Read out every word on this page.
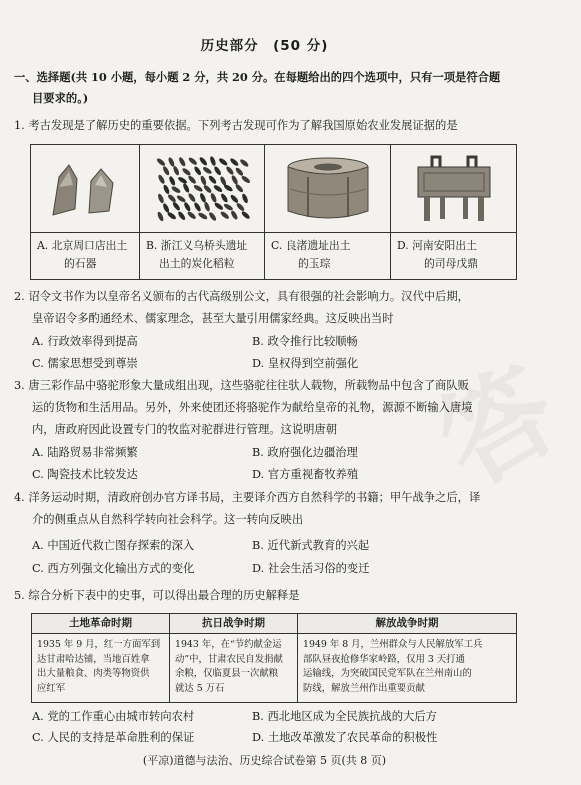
答
历史部分　(50 分)
一、选择题(共 10 小题，每小题 2 分，共 20 分。在每题给出的四个选项中，只有一项是符合题
目要求的。)
1. 考古发现是了解历史的重要依据。下列考古发现可作为了解我国原始农业发展证据的是
A. 北京周口店出土
的石器
B. 浙江义乌桥头遗址
出土的炭化稻粒
C. 良渚遗址出土
的玉琮
D. 河南安阳出土
的司母戊鼎
2. 诏令文书作为以皇帝名义颁布的古代高级别公文，具有很强的社会影响力。汉代中后期，
皇帝诏令多酌通经术、儒家理念，甚至大量引用儒家经典。这反映出当时
A. 行政效率得到提高	B. 政令推行比较顺畅
C. 儒家思想受到尊崇	D. 皇权得到空前强化
3. 唐三彩作品中骆驼形象大量成组出现，这些骆驼往往驮人载物，所载物品中包含了商队贩
运的货物和生活用品。另外，外来使团还将骆驼作为献给皇帝的礼物，源源不断输入唐境
内，唐政府因此设置专门的牧监对驼群进行管理。这说明唐朝
A. 陆路贸易非常频繁	B. 政府强化边疆治理
C. 陶瓷技术比较发达	D. 官方重视畜牧养殖
4. 洋务运动时期，清政府创办官方译书局，主要译介西方自然科学的书籍；甲午战争之后，译
介的侧重点从自然科学转向社会科学。这一转向反映出
A. 中国近代救亡图存探索的深入	B. 近代新式教育的兴起
C. 西方列强文化输出方式的变化	D. 社会生活习俗的变迁
5. 综合分析下表中的史事，可以得出最合理的历史解释是
土地革命时期
1935 年 9 月，红一方面军到
达甘肃哈达铺，当地百姓拿
出大量粮食、肉类等物资供
应红军
抗日战争时期
1943 年，在“节约献金运
动”中，甘肃农民自发捐献
余粮，仅临夏县一次献粮
就达 5 万石
解放战争时期
1949 年 8 月，兰州群众与人民解放军工兵
部队昼夜抢修华家岭路，仅用 3 天打通
运输线，为突破国民党军队在兰州南山的
防线，解放兰州作出重要贡献
A. 党的工作重心由城市转向农村	B. 西北地区成为全民族抗战的大后方
C. 人民的支持是革命胜利的保证	D. 土地改革激发了农民革命的积极性
(平凉)道德与法治、历史综合试卷第 5 页(共 8 页)
